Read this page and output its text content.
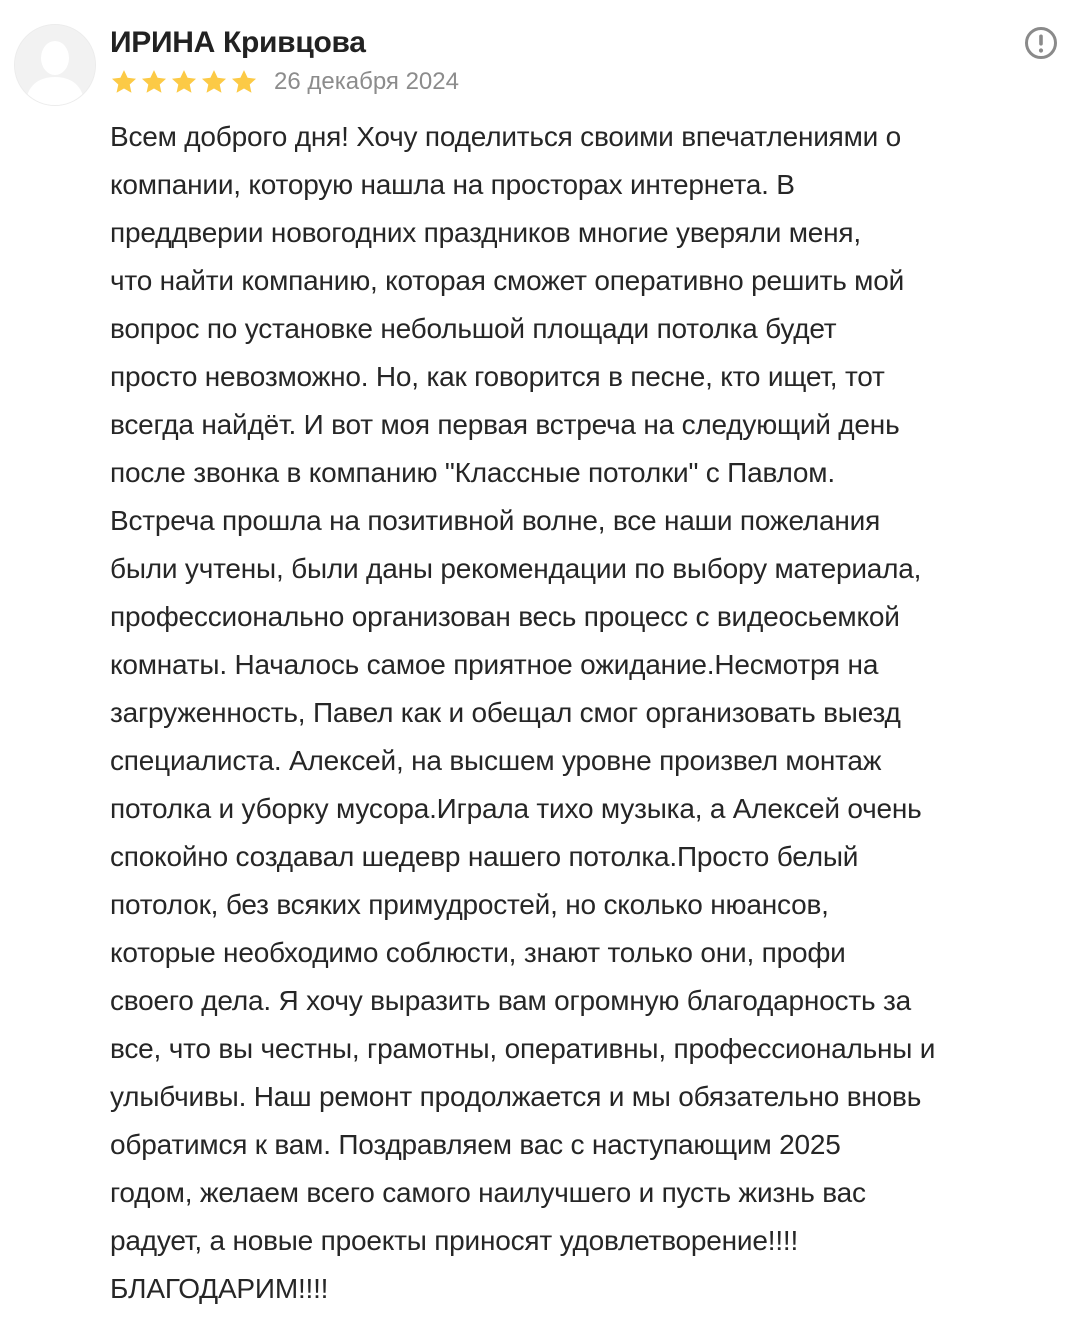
ИРИНА Кривцова
26 декабря 2024

Всем доброго дня! Хочу поделиться своими впечатлениями о
компании, которую нашла на просторах интернета. В
преддверии новогодних праздников многие уверяли меня,
что найти компанию, которая сможет оперативно решить мой
вопрос по установке небольшой площади потолка будет
просто невозможно. Но, как говорится в песне, кто ищет, тот
всегда найдёт. И вот моя первая встреча на следующий день
после звонка в компанию "Классные потолки" с Павлом.
Встреча прошла на позитивной волне, все наши пожелания
были учтены, были даны рекомендации по выбору материала,
профессионально организован весь процесс с видеосьемкой
комнаты. Началось самое приятное ожидание.Несмотря на
загруженность, Павел как и обещал смог организовать выезд
специалиста. Алексей, на высшем уровне произвел монтаж
потолка и уборку мусора.Играла тихо музыка, а Алексей очень
спокойно создавал шедевр нашего потолка.Просто белый
потолок, без всяких примудростей, но сколько нюансов,
которые необходимо соблюсти, знают только они, профи
своего дела. Я хочу выразить вам огромную благодарность за
все, что вы честны, грамотны, оперативны, профессиональны и
улыбчивы. Наш ремонт продолжается и мы обязательно вновь
обратимся к вам. Поздравляем вас с наступающим 2025
годом, желаем всего самого наилучшего и пусть жизнь вас
радует, а новые проекты приносят удовлетворение!!!!
БЛАГОДАРИМ!!!!
